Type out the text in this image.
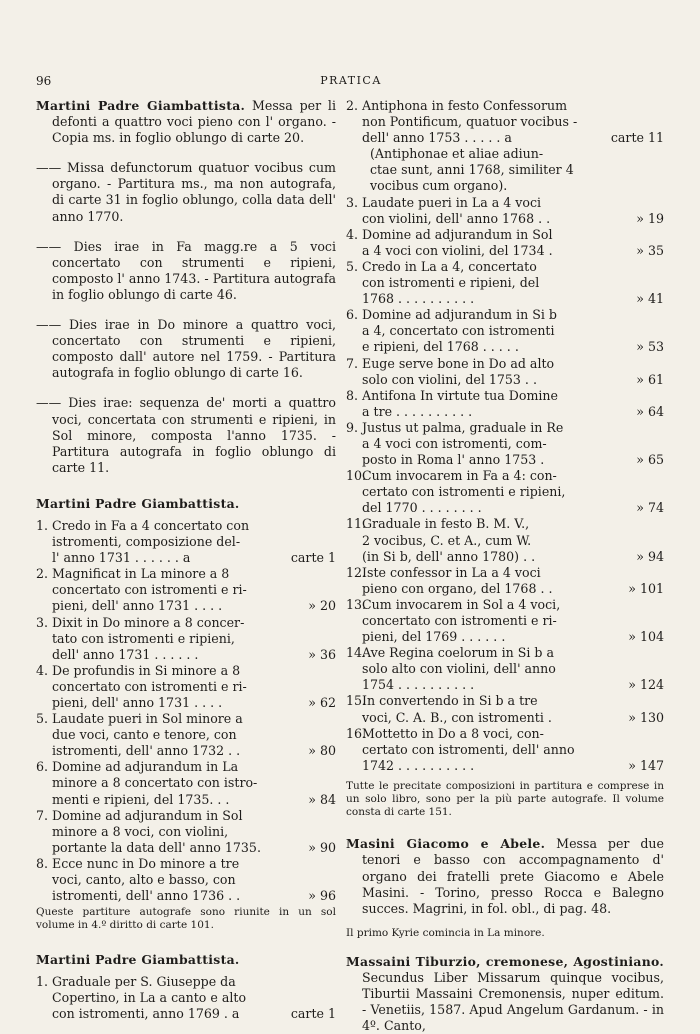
96	PRATICA

Martini Padre Giambattista. Messa per li defonti a quattro voci pieno con l' organo. - Copia ms. in foglio oblungo di carte 20.

—— Missa defunctorum quatuor vocibus cum organo. - Partitura ms., ma non autografa, di carte 31 in foglio oblungo, colla data dell' anno 1770.

—— Dies irae in Fa magg.re a 5 voci concertato con strumenti e ripieni, composto l' anno 1743. - Partitura autografa in foglio oblungo di carte 46.

—— Dies irae in Do minore a quattro voci, concertato con strumenti e ripieni, composto dall' autore nel 1759. - Partitura autografa in foglio oblungo di carte 16.

—— Dies irae: sequenza de' morti a quattro voci, concertata con strumenti e ripieni, in Sol minore, composta l'anno 1735. - Partitura autografa in foglio oblungo di carte 11.

Martini Padre Giambattista.
1. Credo in Fa a 4 concertato con
istromenti, composizione del-
l' anno 1731 . . . . . . a	carte 1
2. Magnificat in La minore a 8
concertato con istromenti e ri-
pieni, dell' anno 1731 . . . .	» 20
3. Dixit in Do minore a 8 concer-
tato con istromenti e ripieni,
dell' anno 1731 . . . . . .	» 36
4. De profundis in Si minore a 8
concertato con istromenti e ri-
pieni, dell' anno 1731 . . . .	» 62
5. Laudate pueri in Sol minore a
due voci, canto e tenore, con
istromenti, dell' anno 1732 . .	» 80
6. Domine ad adjurandum in La
minore a 8 concertato con istro-
menti e ripieni, del 1735. . .	» 84
7. Domine ad adjurandum in Sol
minore a 8 voci, con violini,
portante la data dell' anno 1735.	» 90
8. Ecce nunc in Do minore a tre
voci, canto, alto e basso, con
istromenti, dell' anno 1736 . .	» 96

Queste partiture autografe sono riunite in un sol volume in 4.º diritto di carte 101.

Martini Padre Giambattista.
1. Graduale per S. Giuseppe da
Copertino, in La a canto e alto
con istromenti, anno 1769 . a	carte 1
2. Antiphona in festo Confessorum
non Pontificum, quatuor vocibus -
dell' anno 1753 . . . . . a	carte 11
(Antiphonae et aliae adiun-
ctae sunt, anni 1768, similiter 4
vocibus cum organo).
3. Laudate pueri in La a 4 voci
con violini, dell' anno 1768 . .	» 19
4. Domine ad adjurandum in Sol
a 4 voci con violini, del 1734 .	» 35
5. Credo in La a 4, concertato
con istromenti e ripieni, del
1768 . . . . . . . . . .	» 41
6. Domine ad adjurandum in Si b
a 4, concertato con istromenti
e ripieni, del 1768 . . . . .	» 53
7. Euge serve bone in Do ad alto
solo con violini, del 1753 . .	» 61
8. Antifona In virtute tua Domine
a tre . . . . . . . . . .	» 64
9. Justus ut palma, graduale in Re
a 4 voci con istromenti, com-
posto in Roma l' anno 1753 .	» 65
10.
Cum invocarem in Fa a 4: con-
certato con istromenti e ripieni,
del 1770 . . . . . . . .	» 74
11.
Graduale in festo B. M. V.,
2 vocibus, C. et A., cum W.
(in Si b, dell' anno 1780) . .	» 94
12.
Iste confessor in La a 4 voci
pieno con organo, del 1768 . .	» 101
13.
Cum invocarem in Sol a 4 voci,
concertato con istromenti e ri-
pieni, del 1769 . . . . . .	» 104
14.
Ave Regina coelorum in Si b a
solo alto con violini, dell' anno
1754 . . . . . . . . . .	» 124
15.
In convertendo in Si b a tre
voci, C. A. B., con istromenti .	» 130
16.
Mottetto in Do a 8 voci, con-
certato con istromenti, dell' anno
1742 . . . . . . . . . .	» 147

Tutte le precitate composizioni in partitura e comprese in un solo libro, sono per la più parte autografe. Il volume consta di carte 151.

Masini Giacomo e Abele. Messa per due tenori e basso con accompagnamento d' organo dei fratelli prete Giacomo e Abele Masini. - Torino, presso Rocca e Balegno succes. Magrini, in fol. obl., di pag. 48.

Il primo Kyrie comincia in La minore.

Massaini Tiburzio, cremonese, Agostiniano. Secundus Liber Missarum quinque vocibus, Tiburtii Massaini Cremonensis, nuper editum. - Venetiis, 1587. Apud Angelum Gardanum. - in 4º. Canto,
